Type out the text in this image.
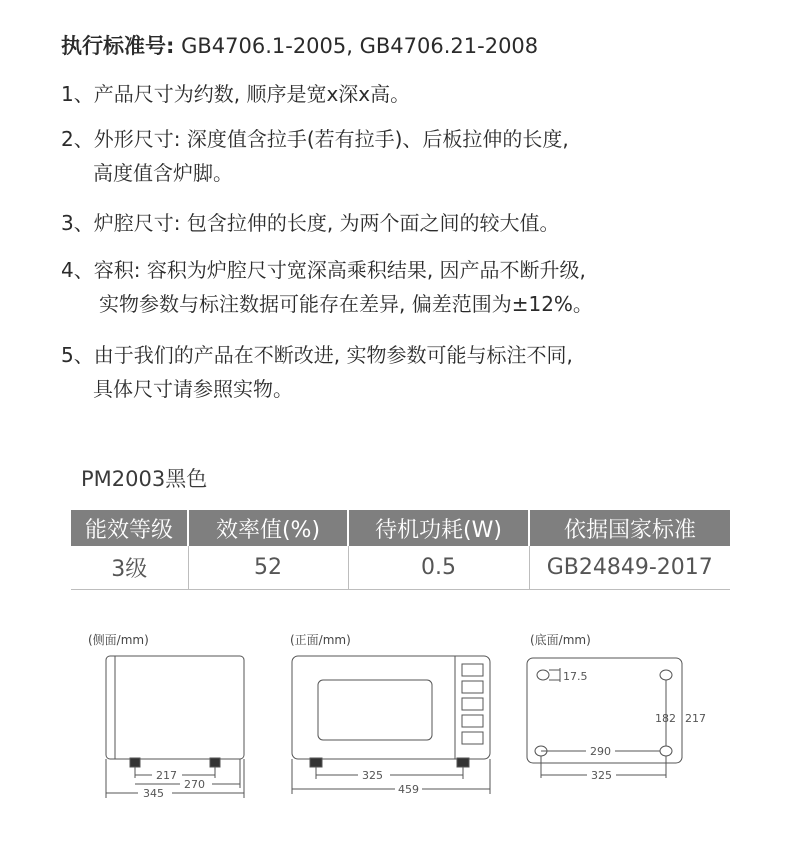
执行标准号: GB4706.1-2005, GB4706.21-2008
1、产品尺寸为约数, 顺序是宽x深x高。
2、外形尺寸: 深度值含拉手(若有拉手)、后板拉伸的长度,
高度值含炉脚。
3、炉腔尺寸: 包含拉伸的长度, 为两个面之间的较大值。
4、容积: 容积为炉腔尺寸宽深高乘积结果, 因产品不断升级,
实物参数与标注数据可能存在差异, 偏差范围为±12%。
5、由于我们的产品在不断改进, 实物参数可能与标注不同,
具体尺寸请参照实物。
PM2003黑色
能效等级	效率值(%)	待机功耗(W)	依据国家标准
3级	52	0.5	GB24849-2017
(侧面/mm)	(正面/mm)	(底面/mm)
217
270
345
325
459
17.5
182 217
290
325
